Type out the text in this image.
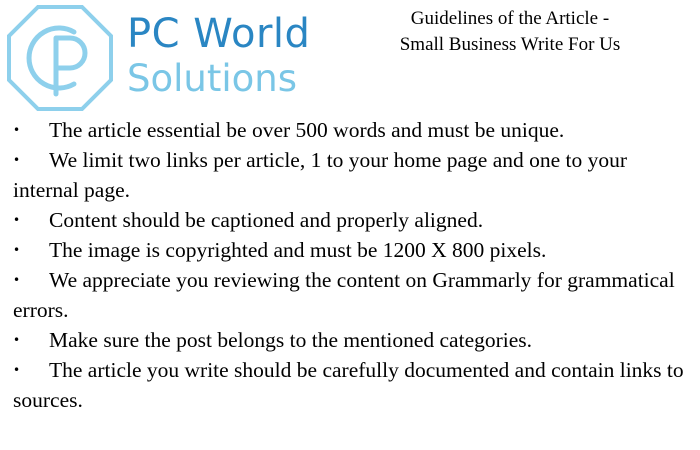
PC World
Solutions
Guidelines of the Article -
Small Business Write For Us
• The article essential be over 500 words and must be unique.
• We limit two links per article, 1 to your home page and one to your internal page.
• Content should be captioned and properly aligned.
• The image is copyrighted and must be 1200 X 800 pixels.
• We appreciate you reviewing the content on Grammarly for grammatical errors.
• Make sure the post belongs to the mentioned categories.
• The article you write should be carefully documented and contain links to sources.
